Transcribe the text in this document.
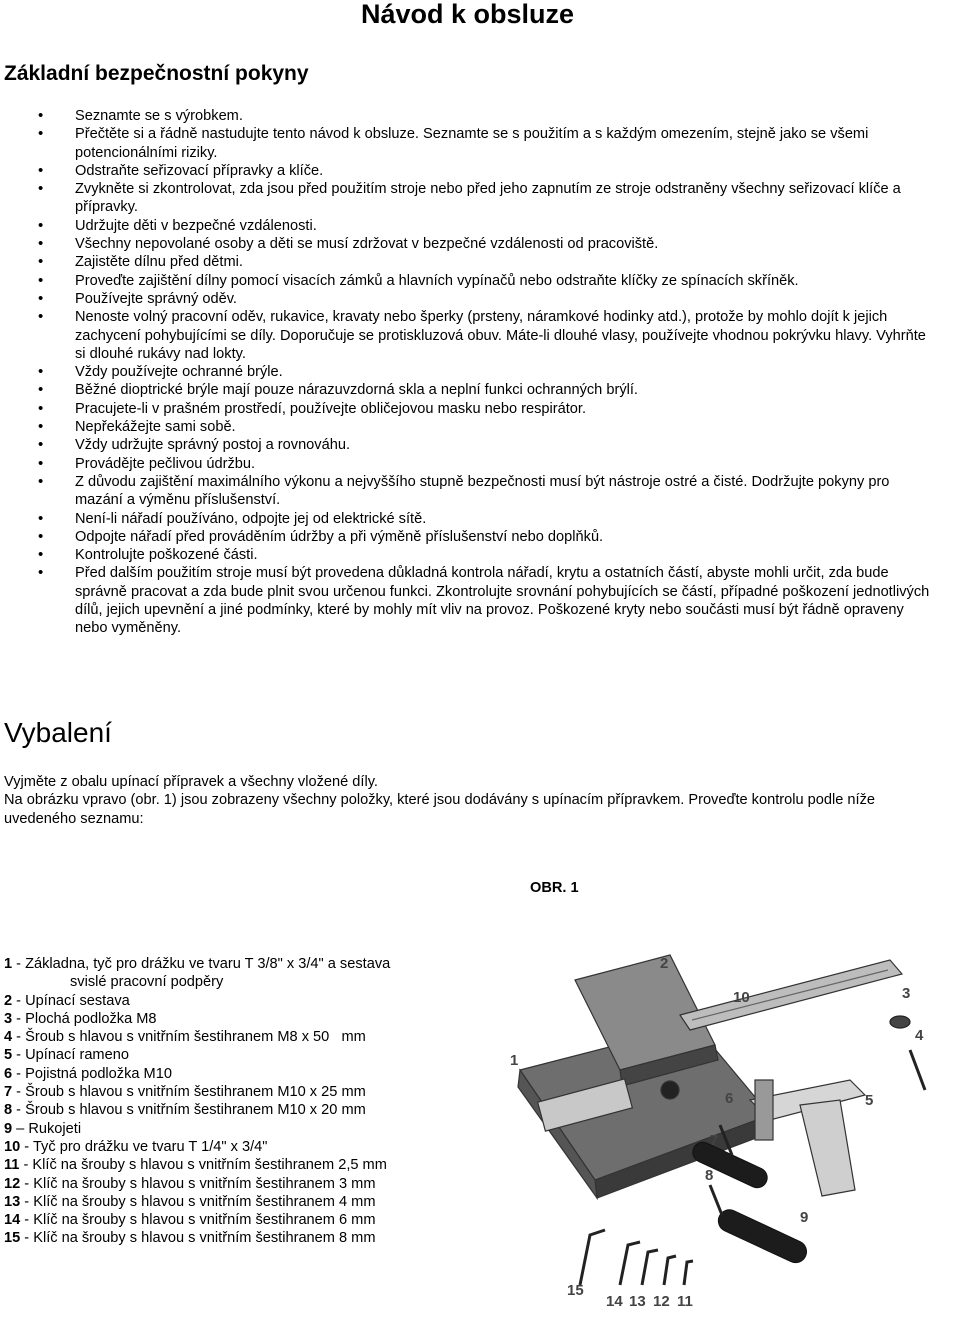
Návod k obsluze
Základní bezpečnostní pokyny
• Seznamte se s výrobkem.
• Přečtěte si a řádně nastudujte tento návod k obsluze. Seznamte se s použitím a s každým omezením, stejně jako se všemi potencionálními riziky.
• Odstraňte seřizovací přípravky a klíče.
• Zvykněte si zkontrolovat, zda jsou před použitím stroje nebo před jeho zapnutím ze stroje odstraněny všechny seřizovací klíče a přípravky.
• Udržujte děti v bezpečné vzdálenosti.
• Všechny nepovolané osoby a děti se musí zdržovat v bezpečné vzdálenosti od pracoviště.
• Zajistěte dílnu před dětmi.
• Proveďte zajištění dílny pomocí visacích zámků a hlavních vypínačů nebo odstraňte klíčky ze spínacích skříněk.
• Používejte správný oděv.
• Nenoste volný pracovní oděv, rukavice, kravaty nebo šperky (prsteny, náramkové hodinky atd.), protože by mohlo dojít k jejich zachycení pohybujícími se díly. Doporučuje se protiskluzová obuv. Máte-li dlouhé vlasy, používejte vhodnou pokrývku hlavy. Vyhrňte si dlouhé rukávy nad lokty.
• Vždy používejte ochranné brýle.
• Běžné dioptrické brýle mají pouze nárazuvzdorná skla a neplní funkci ochranných brýlí.
• Pracujete-li v prašném prostředí, používejte obličejovou masku nebo respirátor.
• Nepřekážejte sami sobě.
• Vždy udržujte správný postoj a rovnováhu.
• Provádějte pečlivou údržbu.
• Z důvodu zajištění maximálního výkonu a nejvyššího stupně bezpečnosti musí být nástroje ostré a čisté. Dodržujte pokyny pro mazání a výměnu příslušenství.
• Není-li nářadí používáno, odpojte jej od elektrické sítě.
• Odpojte nářadí před prováděním údržby a při výměně příslušenství nebo doplňků.
• Kontrolujte poškozené části.
• Před dalším použitím stroje musí být provedena důkladná kontrola nářadí, krytu a ostatních částí, abyste mohli určit, zda bude správně pracovat a zda bude plnit svou určenou funkci. Zkontrolujte srovnání pohybujících se částí, případné poškození jednotlivých dílů, jejich upevnění a jiné podmínky, které by mohly mít vliv na provoz. Poškozené kryty nebo součásti musí být řádně opraveny nebo vyměněny.
Vybalení
Vyjměte z obalu upínací přípravek a všechny vložené díly.
Na obrázku vpravo (obr. 1) jsou zobrazeny všechny položky, které jsou dodávány s upínacím přípravkem. Proveďte kontrolu podle níže uvedeného seznamu:
OBR. 1
1 - Základna, tyč pro drážku ve tvaru T 3/8" x 3/4" a sestava
svislé pracovní podpěry
2 - Upínací sestava
3 - Plochá podložka M8
4 - Šroub s hlavou s vnitřním šestihranem M8 x 50   mm
5 - Upínací rameno
6 - Pojistná podložka M10
7 - Šroub s hlavou s vnitřním šestihranem M10 x 25 mm
8 - Šroub s hlavou s vnitřním šestihranem M10 x 20 mm
9 – Rukojeti
10 - Tyč pro drážku ve tvaru T 1/4" x 3/4"
11 - Klíč na šrouby s hlavou s vnitřním šestihranem 2,5 mm
12 - Klíč na šrouby s hlavou s vnitřním šestihranem 3 mm
13 - Klíč na šrouby s hlavou s vnitřním šestihranem 4 mm
14 - Klíč na šrouby s hlavou s vnitřním šestihranem 6 mm
15 - Klíč na šrouby s hlavou s vnitřním šestihranem 8 mm
10	3
4
2
6	5
7
8
1
9
15
14 13 12 11
